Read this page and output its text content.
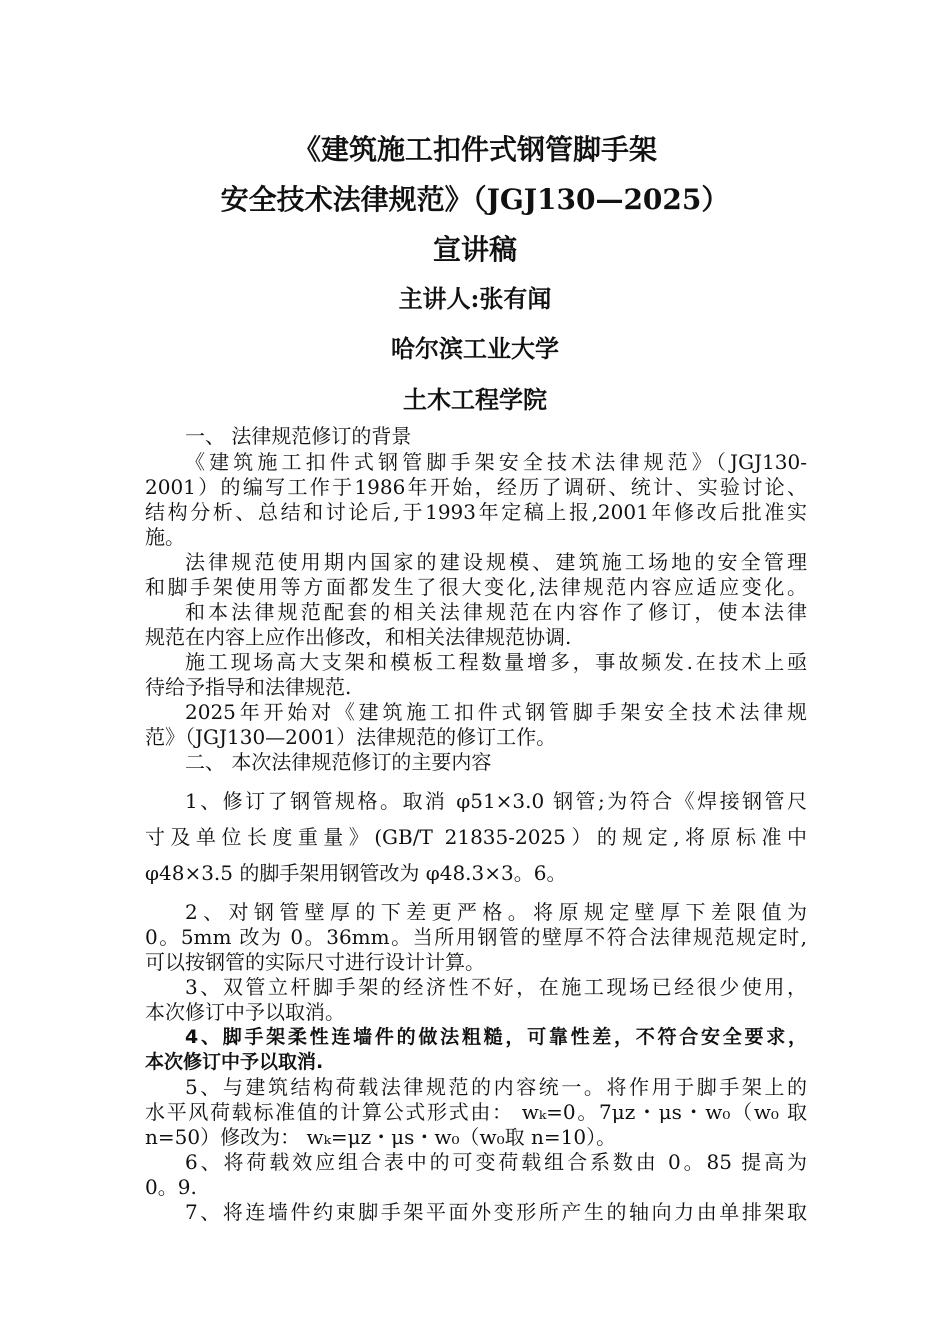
《建筑施工扣件式钢管脚手架
安全技术法律规范》（JGJ130—2025）
宣讲稿
主讲人:张有闻
哈尔滨工业大学
土木工程学院
一、 法律规范修订的背景
《建筑施工扣件式钢管脚手架安全技术法律规范》（JGJ130-
2001）的编写工作于1986年开始，经历了调研、统计、实验讨论、
结构分析、总结和讨论后,于1993年定稿上报,2001年修改后批准实
施。
法律规范使用期内国家的建设规模、建筑施工场地的安全管理
和脚手架使用等方面都发生了很大变化,法律规范内容应适应变化。
和本法律规范配套的相关法律规范在内容作了修订，使本法律
规范在内容上应作出修改，和相关法律规范协调.
施工现场高大支架和模板工程数量增多，事故频发.在技术上亟
待给予指导和法律规范.
2025年开始对《建筑施工扣件式钢管脚手架安全技术法律规
范》（JGJ130—2001）法律规范的修订工作。
二、 本次法律规范修订的主要内容
1、修订了钢管规格。取消 φ51×3.0 钢管;为符合《焊接钢管尺
寸及单位长度重量》(GB/T 21835-2025）的规定,将原标准中
φ48×3.5 的脚手架用钢管改为 φ48.3×3。6。
2、对钢管壁厚的下差更严格。将原规定壁厚下差限值为
0。5mm 改为 0。36mm。当所用钢管的壁厚不符合法律规范规定时,
可以按钢管的实际尺寸进行设计计算。
3、双管立杆脚手架的经济性不好，在施工现场已经很少使用，
本次修订中予以取消。
4、脚手架柔性连墙件的做法粗糙，可靠性差，不符合安全要求，
本次修订中予以取消.
5、与建筑结构荷载法律规范的内容统一。将作用于脚手架上的
水平风荷载标准值的计算公式形式由： wₖ=0。7μz・μs・w₀（w₀ 取
n=50）修改为： wₖ=μz・μs・w₀（w₀取 n=10）。
6、将荷载效应组合表中的可变荷载组合系数由 0。85 提高为
0。9.
7、将连墙件约束脚手架平面外变形所产生的轴向力由单排架取
